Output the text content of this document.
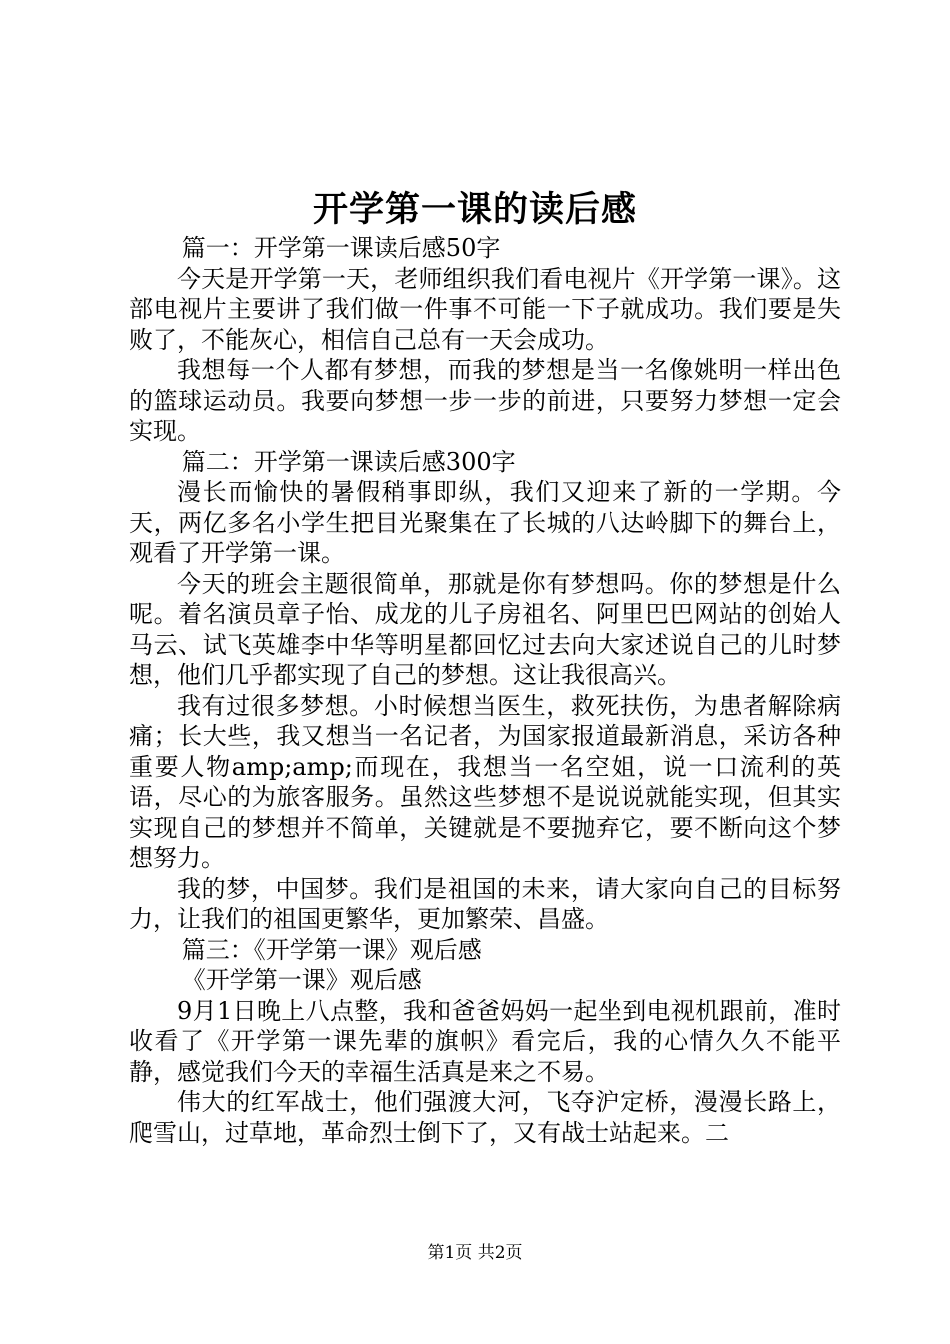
开学第一课的读后感

篇一：开学第一课读后感50字

今天是开学第一天，老师组织我们看电视片《开学第一课》。这部电视片主要讲了我们做一件事不可能一下子就成功。我们要是失败了，不能灰心，相信自己总有一天会成功。

我想每一个人都有梦想，而我的梦想是当一名像姚明一样出色的篮球运动员。我要向梦想一步一步的前进，只要努力梦想一定会实现。

篇二：开学第一课读后感300字

漫长而愉快的暑假稍事即纵，我们又迎来了新的一学期。今天，两亿多名小学生把目光聚集在了长城的八达岭脚下的舞台上，观看了开学第一课。

今天的班会主题很简单，那就是你有梦想吗。你的梦想是什么呢。着名演员章子怡、成龙的儿子房祖名、阿里巴巴网站的创始人马云、试飞英雄李中华等明星都回忆过去向大家述说自己的儿时梦想，他们几乎都实现了自己的梦想。这让我很高兴。

我有过很多梦想。小时候想当医生，救死扶伤，为患者解除病痛；长大些，我又想当一名记者，为国家报道最新消息，采访各种重要人物amp;amp;而现在，我想当一名空姐，说一口流利的英语，尽心的为旅客服务。虽然这些梦想不是说说就能实现，但其实实现自己的梦想并不简单，关键就是不要抛弃它，要不断向这个梦想努力。

我的梦，中国梦。我们是祖国的未来，请大家向自己的目标努力，让我们的祖国更繁华，更加繁荣、昌盛。

篇三：《开学第一课》观后感

《开学第一课》观后感

9月1日晚上八点整，我和爸爸妈妈一起坐到电视机跟前，准时收看了《开学第一课先辈的旗帜》看完后，我的心情久久不能平静，感觉我们今天的幸福生活真是来之不易。

伟大的红军战士，他们强渡大河，飞夺沪定桥，漫漫长路上，爬雪山，过草地，革命烈士倒下了，又有战士站起来。二

第1页 共2页
